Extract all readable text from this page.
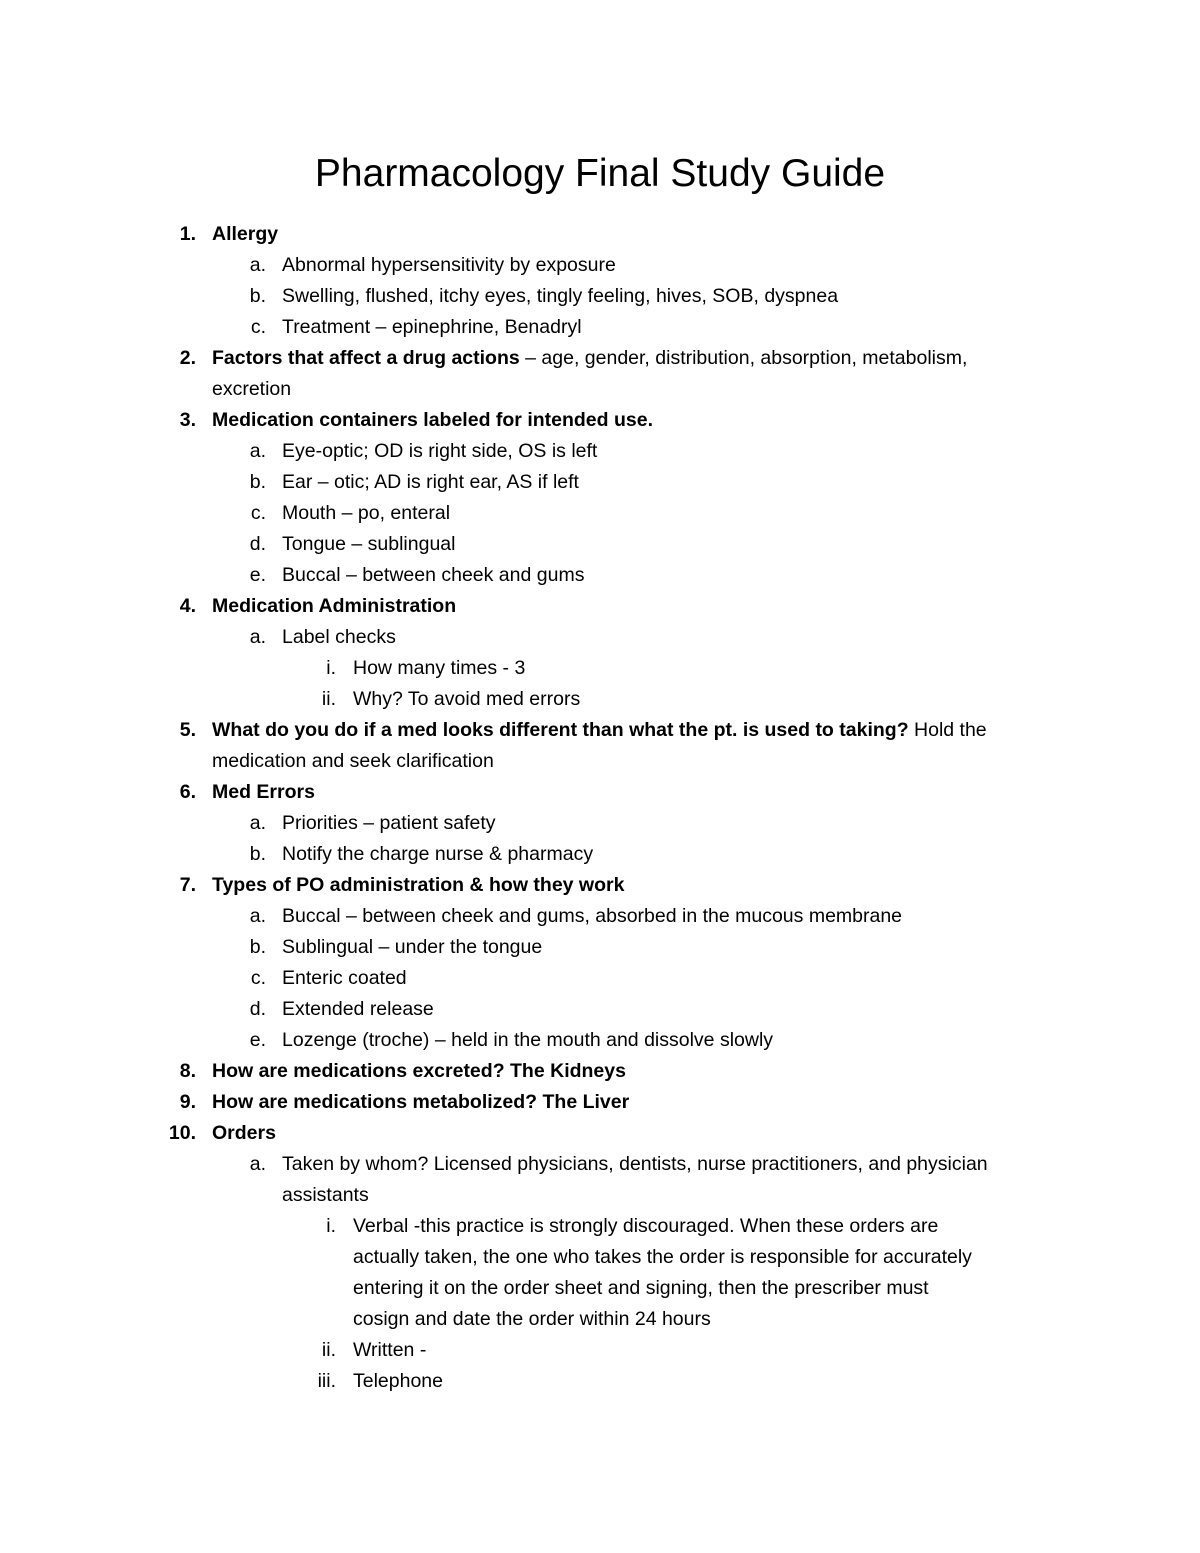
Pharmacology Final Study Guide
1. Allergy
a. Abnormal hypersensitivity by exposure
b. Swelling, flushed, itchy eyes, tingly feeling, hives, SOB, dyspnea
c. Treatment – epinephrine, Benadryl
2. Factors that affect a drug actions – age, gender, distribution, absorption, metabolism,
excretion
3. Medication containers labeled for intended use.
a. Eye-optic; OD is right side, OS is left
b. Ear – otic; AD is right ear, AS if left
c. Mouth – po, enteral
d. Tongue – sublingual
e. Buccal – between cheek and gums
4. Medication Administration
a. Label checks
i. How many times - 3
ii. Why? To avoid med errors
5. What do you do if a med looks different than what the pt. is used to taking? Hold the
medication and seek clarification
6. Med Errors
a. Priorities – patient safety
b. Notify the charge nurse & pharmacy
7. Types of PO administration & how they work
a. Buccal – between cheek and gums, absorbed in the mucous membrane
b. Sublingual – under the tongue
c. Enteric coated
d. Extended release
e. Lozenge (troche) – held in the mouth and dissolve slowly
8. How are medications excreted? The Kidneys
9. How are medications metabolized? The Liver
10. Orders
a. Taken by whom? Licensed physicians, dentists, nurse practitioners, and physician
assistants
i. Verbal -this practice is strongly discouraged. When these orders are
actually taken, the one who takes the order is responsible for accurately
entering it on the order sheet and signing, then the prescriber must
cosign and date the order within 24 hours
ii. Written -
iii. Telephone
